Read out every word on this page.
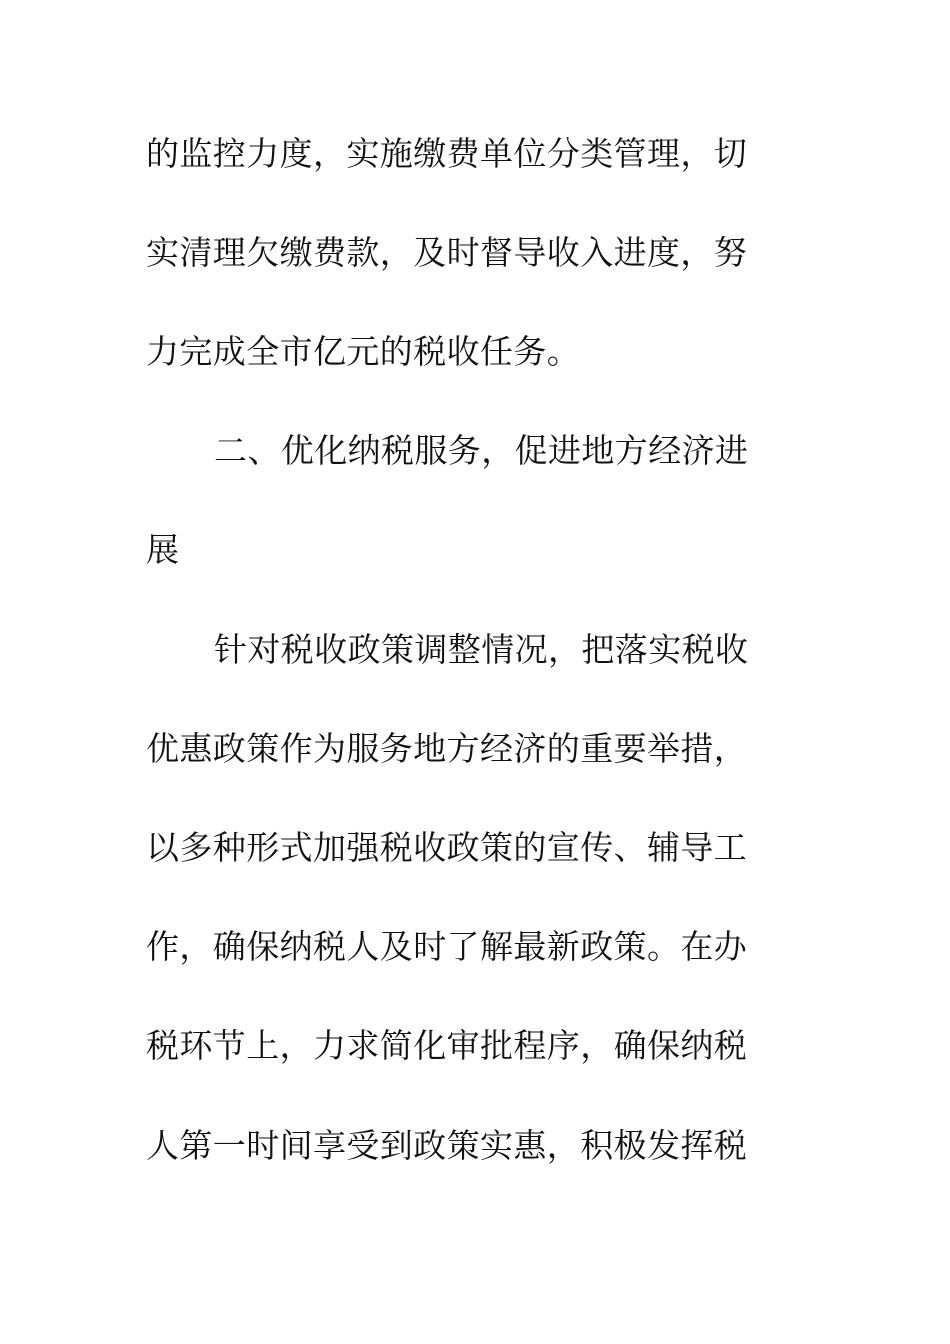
的监控力度，实施缴费单位分类管理，切
实清理欠缴费款，及时督导收入进度，努
力完成全市亿元的税收任务。
二、优化纳税服务，促进地方经济进
展
针对税收政策调整情况，把落实税收
优惠政策作为服务地方经济的重要举措，
以多种形式加强税收政策的宣传、辅导工
作，确保纳税人及时了解最新政策。在办
税环节上，力求简化审批程序，确保纳税
人第一时间享受到政策实惠，积极发挥税
